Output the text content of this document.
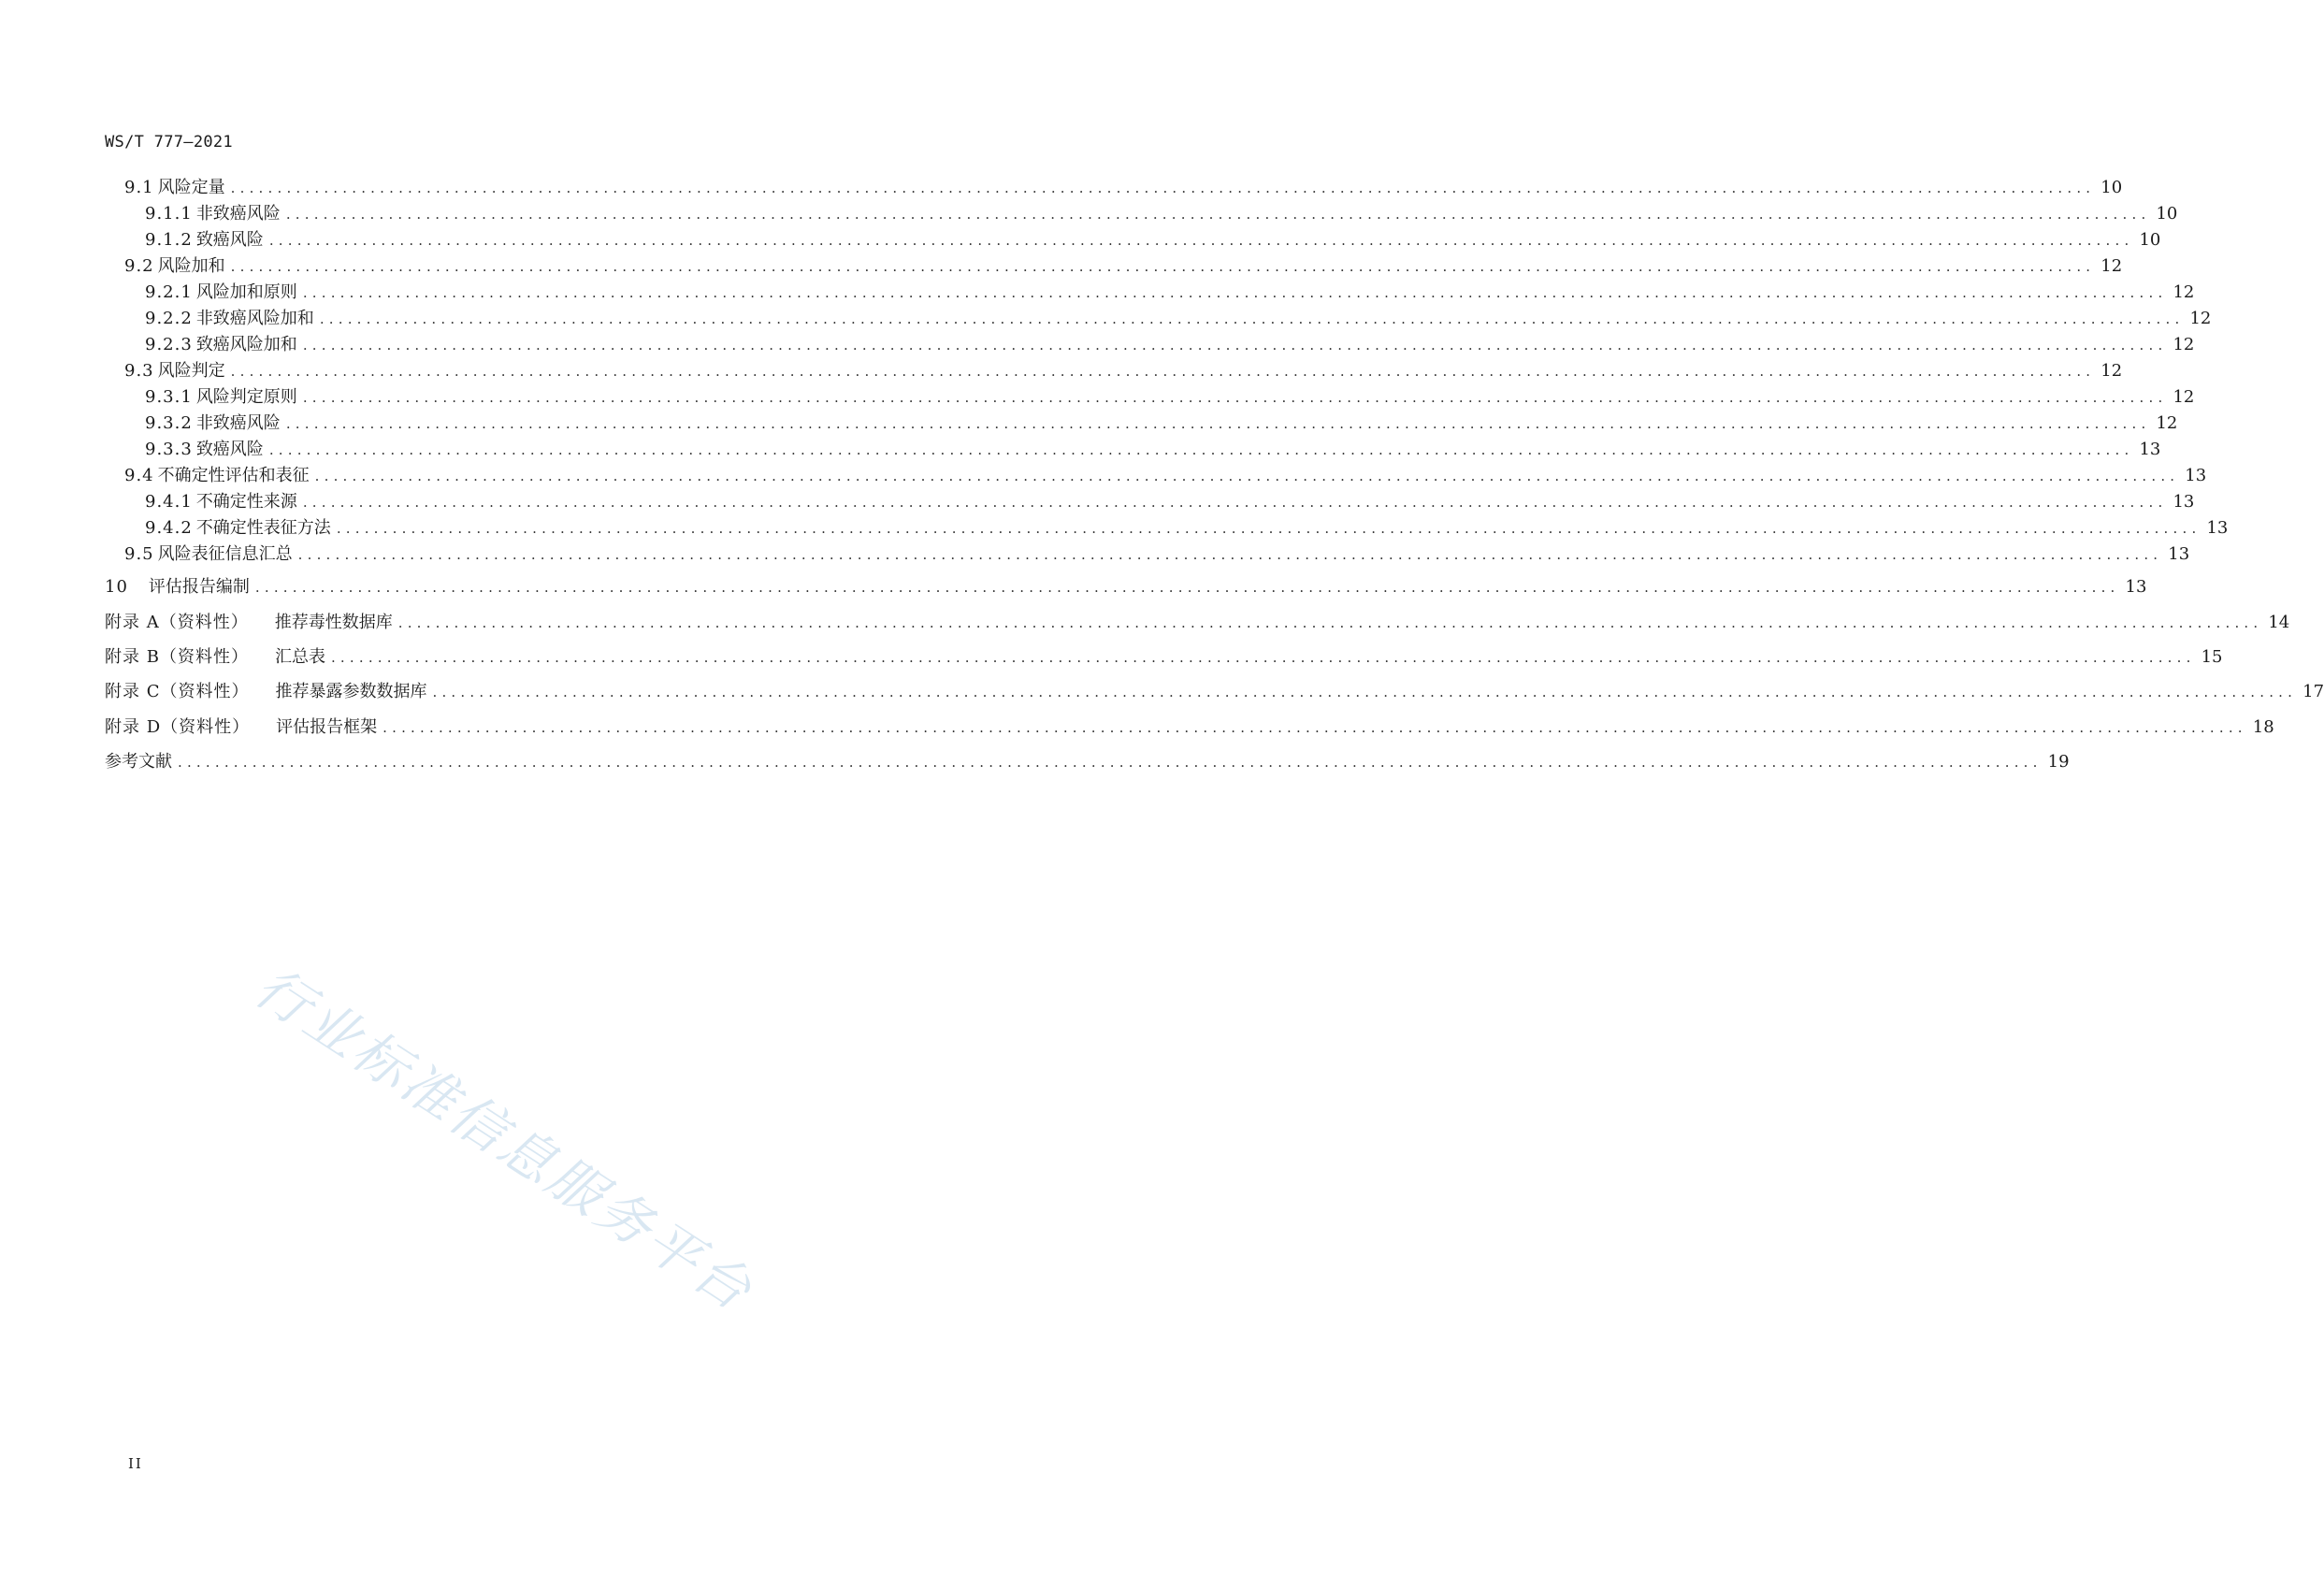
WS/T 777—2021
9.1 风险定量 ........................................................................................................................................................................................................ 10
9.1.1 非致癌风险 ........................................................................................................................................................................................................ 10
9.1.2 致癌风险 ........................................................................................................................................................................................................ 10
9.2 风险加和 ........................................................................................................................................................................................................ 12
9.2.1 风险加和原则 ........................................................................................................................................................................................................ 12
9.2.2 非致癌风险加和 ........................................................................................................................................................................................................ 12
9.2.3 致癌风险加和 ........................................................................................................................................................................................................ 12
9.3 风险判定 ........................................................................................................................................................................................................ 12
9.3.1 风险判定原则 ........................................................................................................................................................................................................ 12
9.3.2 非致癌风险 ........................................................................................................................................................................................................ 12
9.3.3 致癌风险 ........................................................................................................................................................................................................ 13
9.4 不确定性评估和表征 ........................................................................................................................................................................................................ 13
9.4.1 不确定性来源 ........................................................................................................................................................................................................ 13
9.4.2 不确定性表征方法 ........................................................................................................................................................................................................ 13
9.5 风险表征信息汇总 ........................................................................................................................................................................................................ 13
10 评估报告编制 ........................................................................................................................................................................................................ 13
附录 A（资料性） 推荐毒性数据库 ........................................................................................................................................................................................................ 14
附录 B（资料性） 汇总表 ........................................................................................................................................................................................................ 15
附录 C（资料性） 推荐暴露参数数据库 ........................................................................................................................................................................................................ 17
附录 D（资料性） 评估报告框架 ........................................................................................................................................................................................................ 18
参考文献 ........................................................................................................................................................................................................ 19
行业标准信息服务平台
II
